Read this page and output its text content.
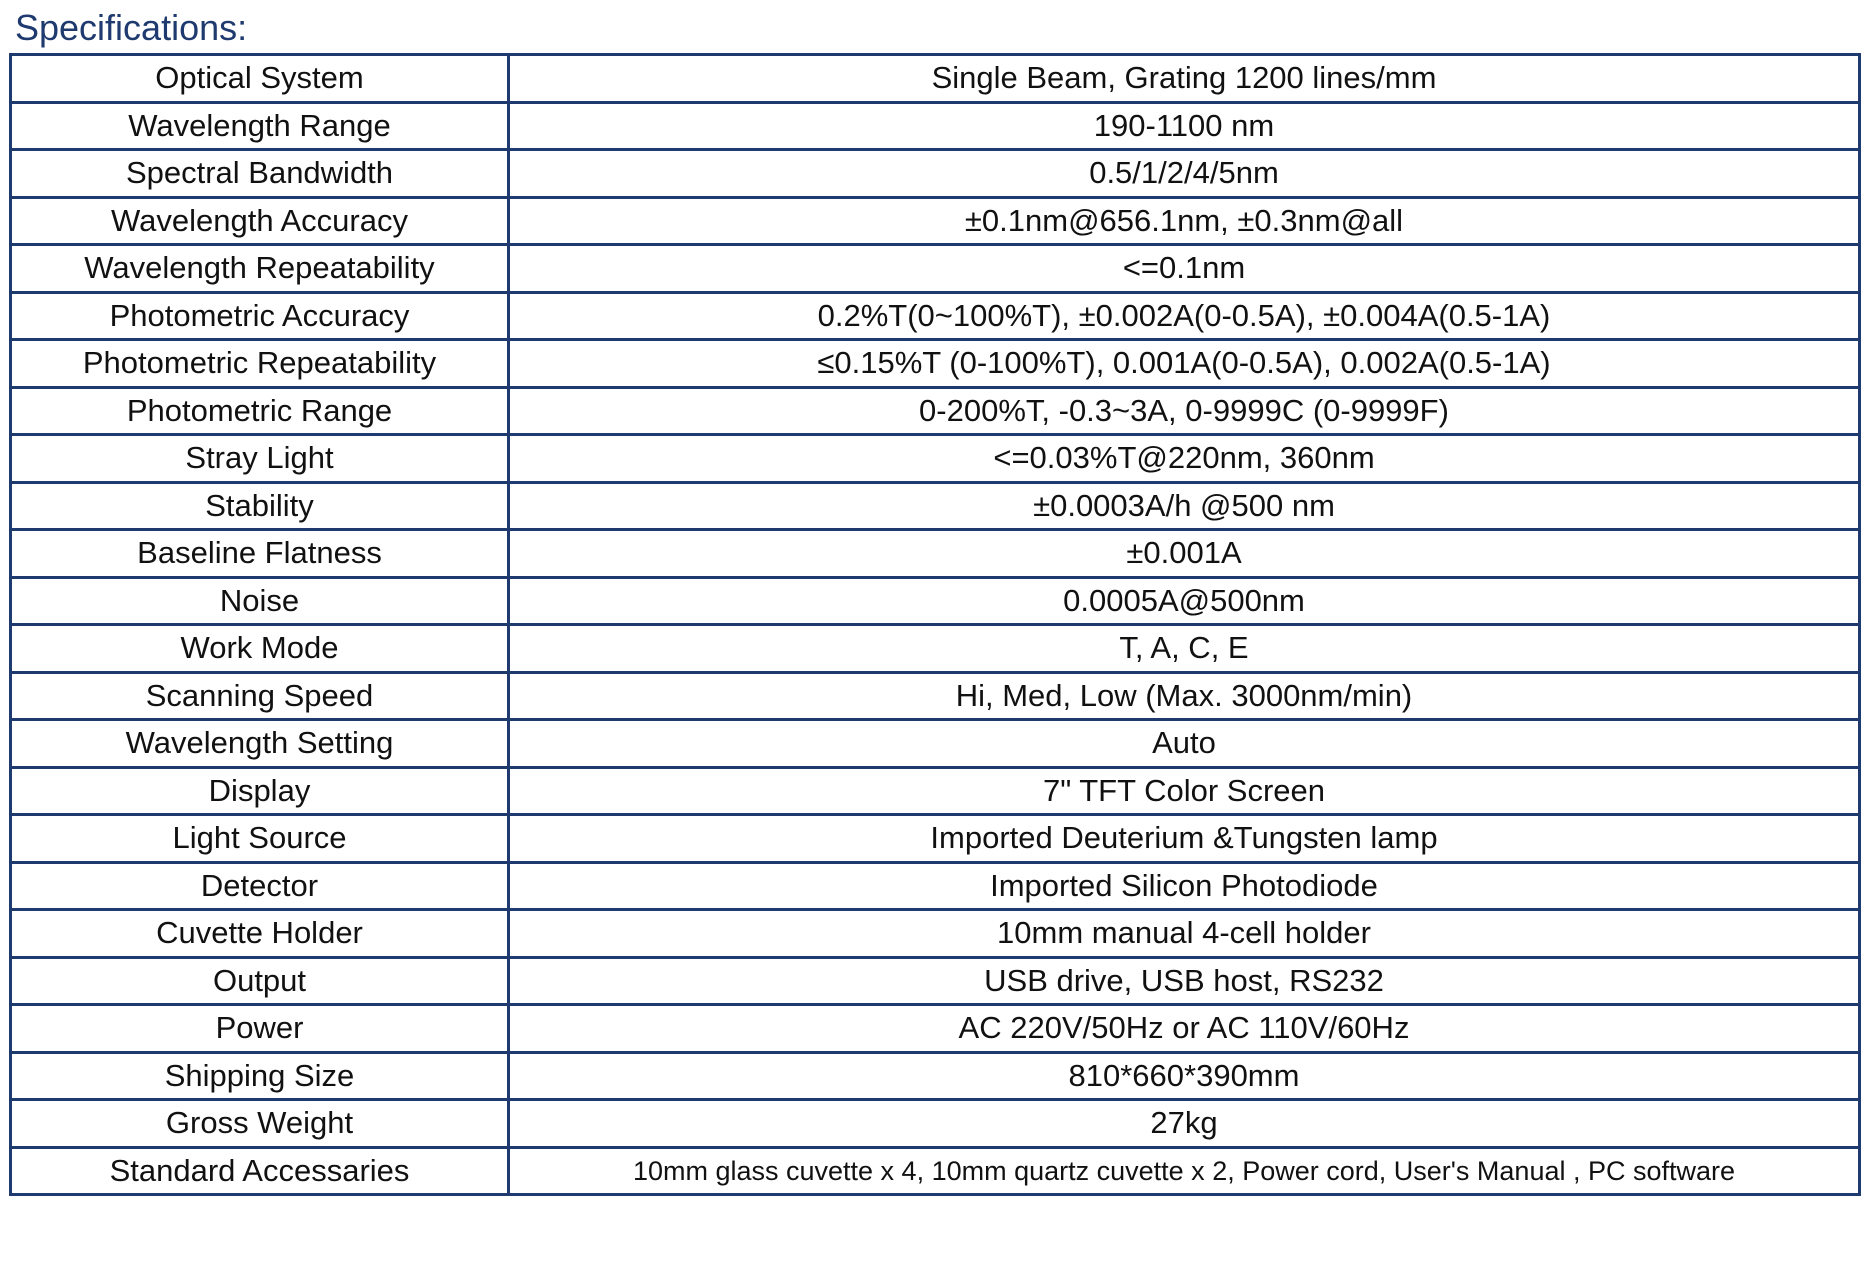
Specifications:
Optical System	Single Beam, Grating 1200 lines/mm
Wavelength Range	190-1100 nm
Spectral Bandwidth	0.5/1/2/4/5nm
Wavelength Accuracy	±0.1nm@656.1nm, ±0.3nm@all
Wavelength Repeatability	<=0.1nm
Photometric Accuracy	0.2%T(0~100%T), ±0.002A(0-0.5A), ±0.004A(0.5-1A)
Photometric Repeatability	≤0.15%T (0-100%T), 0.001A(0-0.5A), 0.002A(0.5-1A)
Photometric Range	0-200%T, -0.3~3A, 0-9999C (0-9999F)
Stray Light	<=0.03%T@220nm, 360nm
Stability	±0.0003A/h @500 nm
Baseline Flatness	±0.001A
Noise	0.0005A@500nm
Work Mode	T, A, C, E
Scanning Speed	Hi, Med, Low (Max. 3000nm/min)
Wavelength Setting	Auto
Display	7" TFT Color Screen
Light Source	Imported Deuterium &Tungsten lamp
Detector	Imported Silicon Photodiode
Cuvette Holder	10mm manual 4-cell holder
Output	USB drive, USB host, RS232
Power	AC 220V/50Hz or AC 110V/60Hz
Shipping Size	810*660*390mm
Gross Weight	27kg
Standard Accessaries	10mm glass cuvette x 4, 10mm quartz cuvette x 2, Power cord, User's Manual , PC software
